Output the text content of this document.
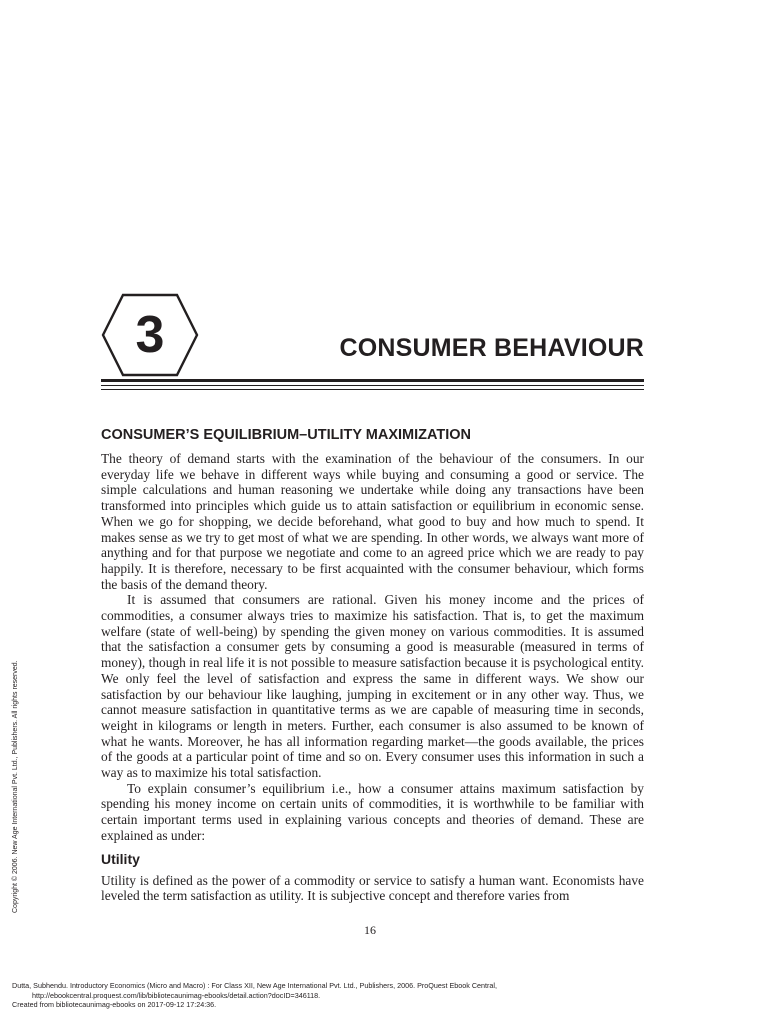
3	CONSUMER BEHAVIOUR
CONSUMER’S EQUILIBRIUM–UTILITY MAXIMIZATION

The theory of demand starts with the examination of the behaviour of the consumers. In our everyday life we behave in different ways while buying and consuming a good or service. The simple calculations and human reasoning we undertake while doing any transactions have been transformed into principles which guide us to attain satisfaction or equilibrium in economic sense. When we go for shopping, we decide beforehand, what good to buy and how much to spend. It makes sense as we try to get most of what we are spending. In other words, we always want more of anything and for that purpose we negotiate and come to an agreed price which we are ready to pay happily. It is therefore, necessary to be first acquainted with the consumer behaviour, which forms the basis of the demand theory.

It is assumed that consumers are rational. Given his money income and the prices of commodities, a consumer always tries to maximize his satisfaction. That is, to get the maximum welfare (state of well-being) by spending the given money on various commodities. It is assumed that the satisfaction a consumer gets by consuming a good is measurable (measured in terms of money), though in real life it is not possible to measure satisfaction because it is psychological entity. We only feel the level of satisfaction and express the same in different ways. We show our satisfaction by our behaviour like laughing, jumping in excitement or in any other way. Thus, we cannot measure satisfaction in quantitative terms as we are capable of measuring time in seconds, weight in kilograms or length in meters. Further, each consumer is also assumed to be known of what he wants. Moreover, he has all information regarding market—the goods available, the prices of the goods at a particular point of time and so on. Every consumer uses this information in such a way as to maximize his total satisfaction.

To explain consumer’s equilibrium i.e., how a consumer attains maximum satisfaction by spending his money income on certain units of commodities, it is worthwhile to be familiar with certain important terms used in explaining various concepts and theories of demand. These are explained as under:

Utility

Utility is defined as the power of a commodity or service to satisfy a human want. Economists have leveled the term satisfaction as utility. It is subjective concept and therefore varies from

16
Copyright © 2006. New Age International Pvt. Ltd., Publishers. All rights reserved.
Dutta, Subhendu. Introductory Economics (Micro and Macro) : For Class XII, New Age International Pvt. Ltd., Publishers, 2006. ProQuest Ebook Central,
http://ebookcentral.proquest.com/lib/bibliotecaunimag-ebooks/detail.action?docID=346118.
Created from bibliotecaunimag-ebooks on 2017-09-12 17:24:36.
